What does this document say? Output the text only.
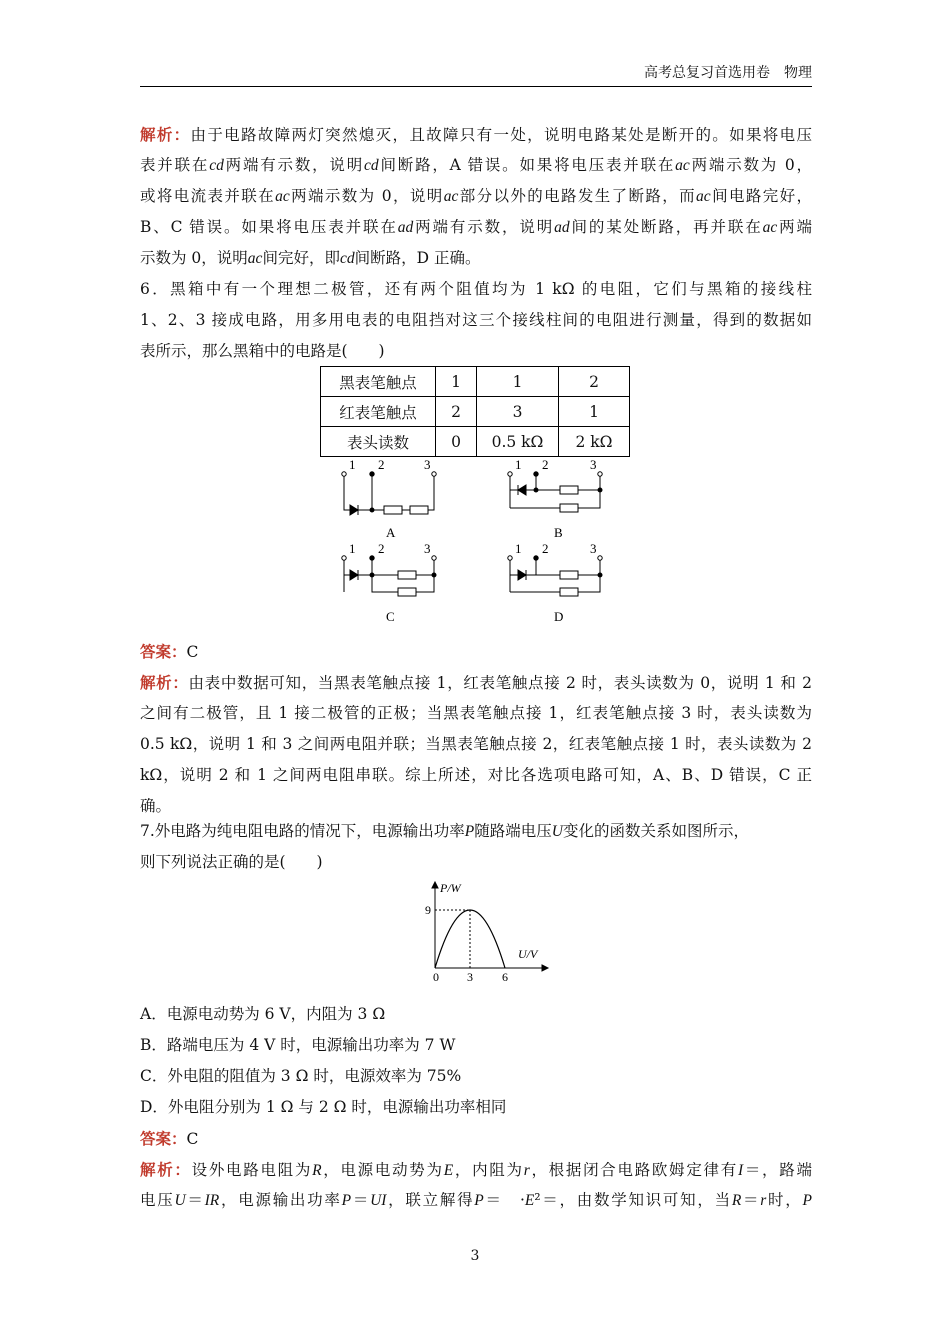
高考总复习首选用卷　物理
解析：由于电路故障两灯突然熄灭，且故障只有一处，说明电路某处是断开的。如果将电压
表并联在cd两端有示数，说明cd间断路，A 错误。如果将电压表并联在ac两端示数为 0，
或将电流表并联在ac两端示数为 0，说明ac部分以外的电路发生了断路，而ac间电路完好，
B、C 错误。如果将电压表并联在ad两端有示数，说明ad间的某处断路，再并联在ac两端
示数为 0，说明ac间完好，即cd间断路，D 正确。
6．黑箱中有一个理想二极管，还有两个阻值均为 1 kΩ 的电阻，它们与黑箱的接线柱
1、2、3 接成电路，用多用电表的电阻挡对这三个接线柱间的电阻进行测量，得到的数据如
表所示，那么黑箱中的电路是(　　)
黑表笔触点	1	1	2
红表笔触点	2	3	1
表头读数	0	0.5 kΩ	2 kΩ
1 2	3
A
1 2	3
B
1 2	3
C
1 2	3
D
答案：C
解析：由表中数据可知，当黑表笔触点接 1，红表笔触点接 2 时，表头读数为 0，说明 1 和 2
之间有二极管，且 1 接二极管的正极；当黑表笔触点接 1，红表笔触点接 3 时，表头读数为
0.5 kΩ，说明 1 和 3 之间两电阻并联；当黑表笔触点接 2，红表笔触点接 1 时，表头读数为 2
kΩ，说明 2 和 1 之间两电阻串联。综上所述，对比各选项电路可知，A、B、D 错误，C 正
确。
7.外电路为纯电阻电路的情况下，电源输出功率P随路端电压U变化的函数关系如图所示，
则下列说法正确的是(　　)
P/W
U/V
9
0 3 6
A．电源电动势为 6 V，内阻为 3 Ω
B．路端电压为 4 V 时，电源输出功率为 7 W
C．外电阻的阻值为 3 Ω 时，电源效率为 75%
D．外电阻分别为 1 Ω 与 2 Ω 时，电源输出功率相同
答案：C
解析：设外电路电阻为R，电源电动势为E，内阻为r，根据闭合电路欧姆定律有I＝，路端
电压U＝IR，电源输出功率P＝UI，联立解得P＝　·E²＝，由数学知识可知，当R＝r时，P
3
